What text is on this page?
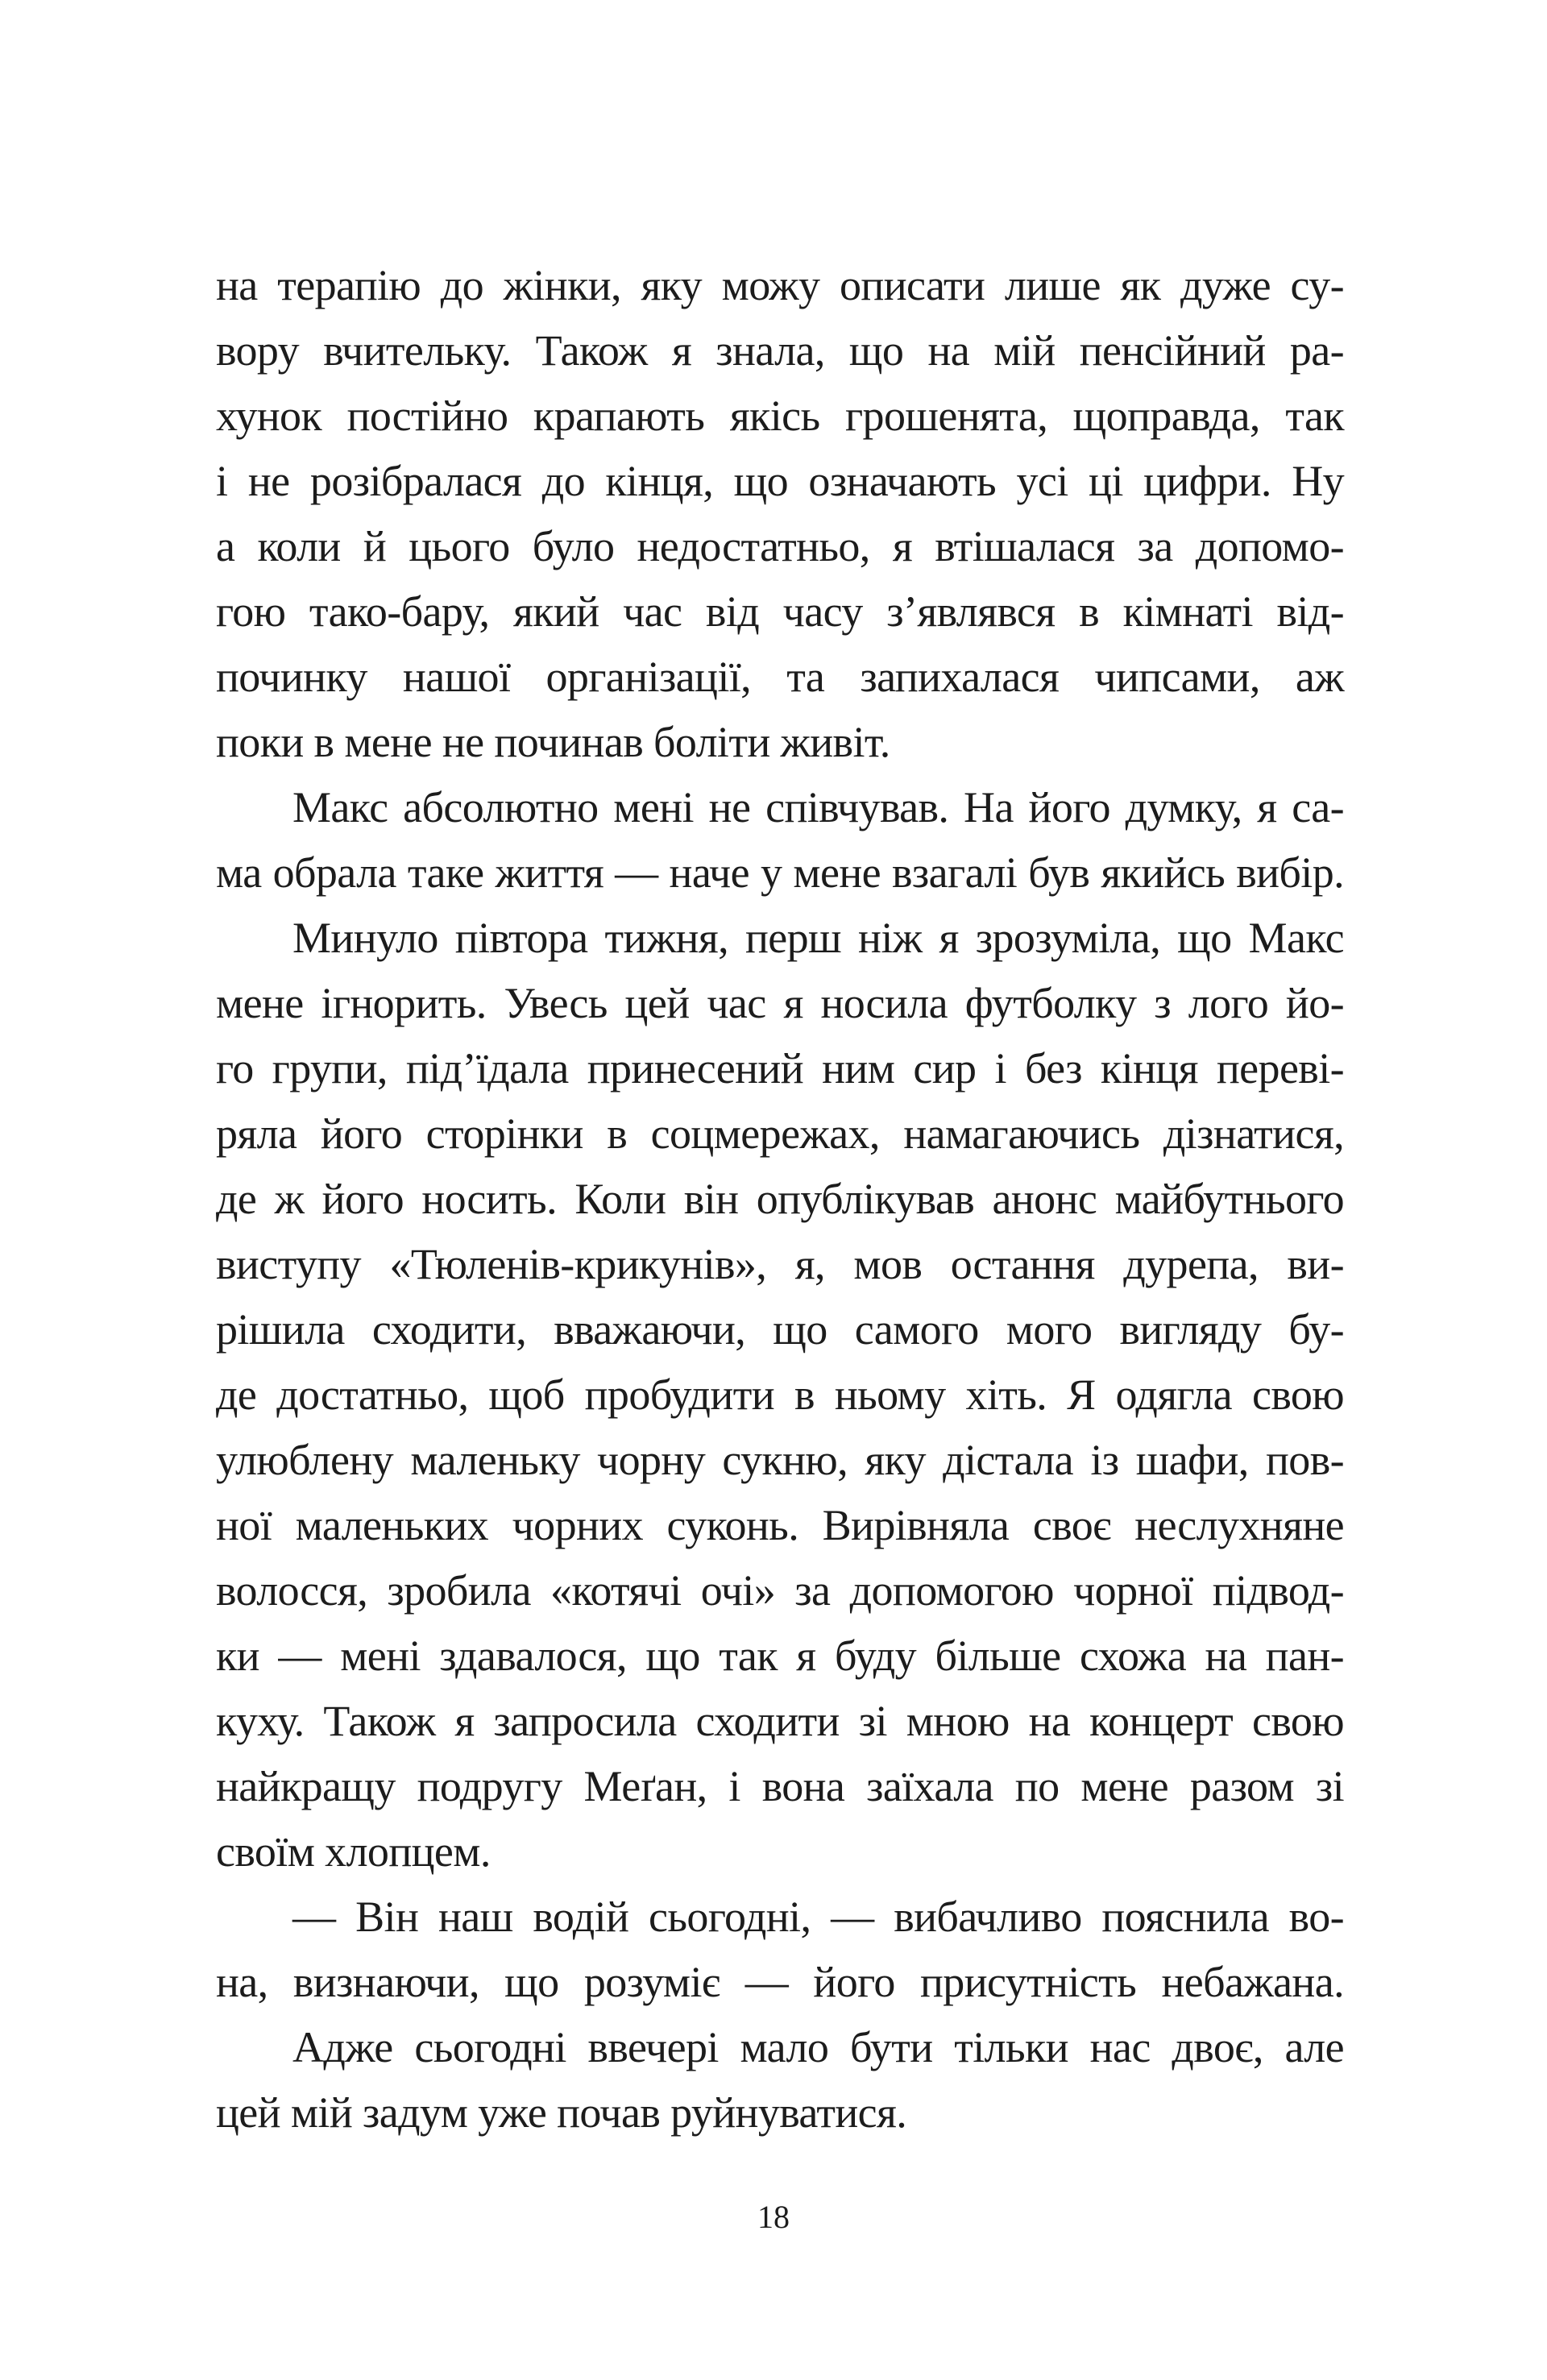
на терапію до жінки, яку можу описати лише як дуже су-
вору вчительку. Також я знала, що на мій пенсійний ра-
хунок постійно крапають якісь грошенята, щоправда, так
і не розібралася до кінця, що означають усі ці цифри. Ну
а коли й цього було недостатньо, я втішалася за допомо-
гою тако-бару, який час від часу з’являвся в кімнаті від-
починку нашої організації, та запихалася чипсами, аж
поки в мене не починав боліти живіт.
Макс абсолютно мені не співчував. На його думку, я са-
ма обрала таке життя — наче у мене взагалі був якийсь вибір.
Минуло півтора тижня, перш ніж я зрозуміла, що Макс
мене ігнорить. Увесь цей час я носила футболку з лого йо-
го групи, під’їдала принесений ним сир і без кінця переві-
ряла його сторінки в соцмережах, намагаючись дізнатися,
де ж його носить. Коли він опублікував анонс майбутнього
виступу «Тюленів-крикунів», я, мов остання дурепа, ви-
рішила сходити, вважаючи, що самого мого вигляду бу-
де достатньо, щоб пробудити в ньому хіть. Я одягла свою
улюблену маленьку чорну сукню, яку дістала із шафи, пов-
ної маленьких чорних суконь. Вирівняла своє неслухняне
волосся, зробила «котячі очі» за допомогою чорної підвод-
ки — мені здавалося, що так я буду більше схожа на пан-
куху. Також я запросила сходити зі мною на концерт свою
найкращу подругу Меґан, і вона заїхала по мене разом зі
своїм хлопцем.
— Він наш водій сьогодні, — вибачливо пояснила во-
на, визнаючи, що розуміє — його присутність небажана.
Адже сьогодні ввечері мало бути тільки нас двоє, але
цей мій задум уже почав руйнуватися.
18
